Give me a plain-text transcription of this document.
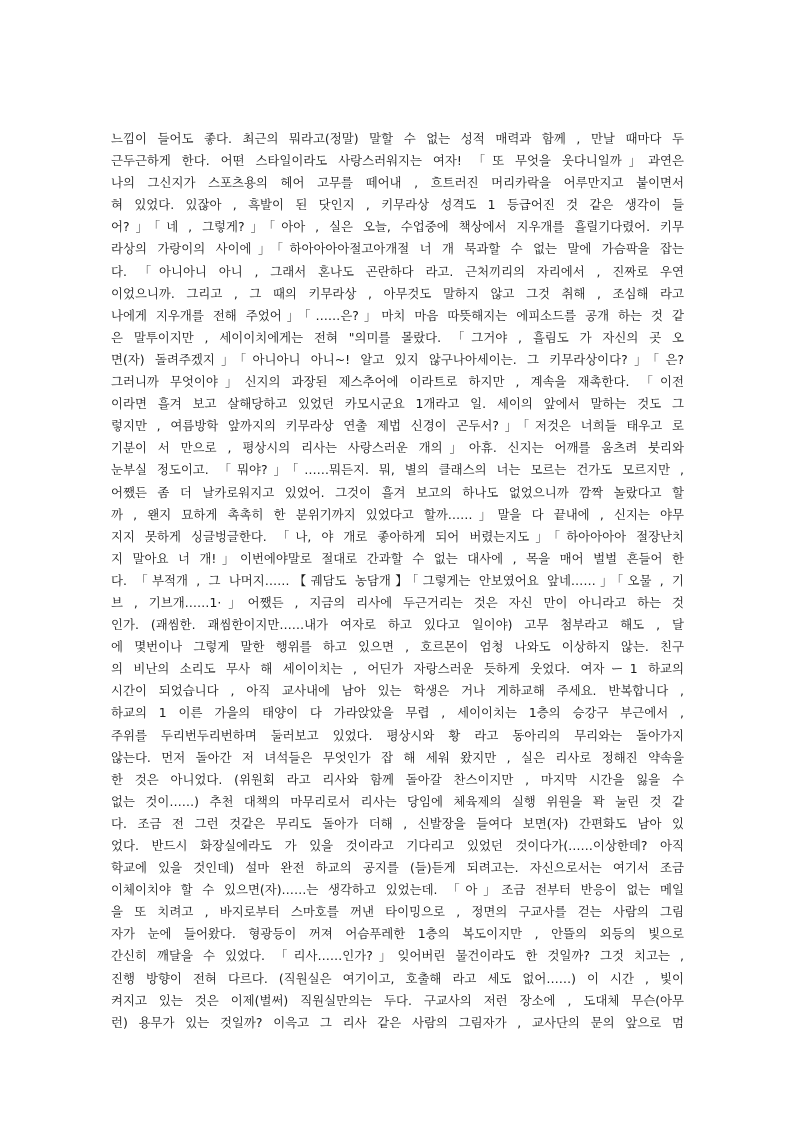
느낌이 들어도 좋다. 최근의 뭐라고(정말) 말할 수 없는 성적 매력과 함께 , 만날 때마다 두
근두근하게 한다. 어떤 스타일이라도 사랑스러워지는 여자! 「또 무엇을 웃다니일까」과연은
나의 그신지가 스포츠용의 헤어 고무를 떼어내 , 흐트러진 머리카락을 어루만지고 붙이면서
혀 있었다. 있잖아 , 흑발이 된 닷인지 , 키무라상 성격도 1 등급어진 것 같은 생각이 들
어?」「네 , 그렇게?」「아아 , 실은 오늘, 수업중에 책상에서 지우개를 흘릴기다렸어. 키무
라상의 가랑이의 사이에」「하아아아아절고아개절 너 개 묵과할 수 없는 말에 가슴팍을 잡는
다. 「아니아니 아니 , 그래서 혼나도 곤란하다 라고. 근처끼리의 자리에서 , 진짜로 우연
이었으니까. 그리고 , 그 때의 키무라상 , 아무것도 말하지 않고 그것 취해 , 조심해 라고
나에게 지우개를 전해 주었어」「……은?」마치 마음 따뜻해지는 에피소드를 공개 하는 것 같
은 말투이지만 , 세이이치에게는 전혀 "의미를 몰랐다. 「그거야 , 흘림도 가 자신의 곳 오
면(자) 돌려주겠지」「아니아니 아니~! 알고 있지 않구나아세이는. 그 키무라상이다?」「은?
그러니까 무엇이야」신지의 과장된 제스추어에 이라트로 하지만 , 계속을 재촉한다. 「이전
이라면 흘겨 보고 살해당하고 있었던 카모시군요 1개라고 일. 세이의 앞에서 말하는 것도 그
렇지만 , 여름방학 앞까지의 키무라상 연출 제법 신경이 곤두서?」「저것은 너희들 태우고 로
기분이 서 만으로 , 평상시의 리사는 사랑스러운 개의」아휴. 신지는 어깨를 움츠려 붓리와
눈부실 정도이고. 「뭐야?」「……뭐든지. 뭐, 별의 클래스의 너는 모르는 건가도 모르지만 ,
어쨌든 좀 더 날카로워지고 있었어. 그것이 흘겨 보고의 하나도 없었으니까 깜짝 놀랐다고 할
까 , 왠지 묘하게 촉촉히 한 분위기까지 있었다고 할까……」말을 다 끝내에 , 신지는 야무
지지 못하게 싱글벙글한다. 「나, 야 개로 좋아하게 되어 버렸는지도」「하아아아아 절장난치
지 말아요 너 개!」이번에야말로 절대로 간과할 수 없는 대사에 , 목을 매어 벌벌 흔들어 한
다. 「부적개 , 그 나머지……【궤담도 농담개】「그렇게는 안보였어요 앞네……」「오물 , 기
브 , 기브개……1·」어쨌든 , 지금의 리사에 두근거리는 것은 자신 만이 아니라고 하는 것
인가. (괘씸한. 괘씸한이지만……내가 여자로 하고 있다고 일이야) 고무 첨부라고 해도 , 달
에 몇번이나 그렇게 말한 행위를 하고 있으면 , 호르몬이 엄청 나와도 이상하지 않는. 친구
의 비난의 소리도 무사 해 세이이치는 , 어딘가 자랑스러운 듯하게 웃었다. 여자ー1 하교의
시간이 되었습니다 , 아직 교사내에 남아 있는 학생은 거나 게하교해 주세요. 반복합니다 ,
하교의 1 이른 가을의 태양이 다 가라앉았을 무렵 , 세이이치는 1층의 승강구 부근에서 ,
주위를 두리번두리번하며 둘러보고 있었다. 평상시와 황 라고 동아리의 무리와는 돌아가지
않는다. 먼저 돌아간 저 녀석들은 무엇인가 잡 해 세워 왔지만 , 실은 리사로 정해진 약속을
한 것은 아니었다. (위원회 라고 리사와 함께 돌아갈 찬스이지만 , 마지막 시간을 잃을 수
없는 것이……) 추천 대책의 마무리로서 리사는 당임에 체육제의 실행 위원을 꽉 눌린 것 같
다. 조금 전 그런 것같은 무리도 돌아가 더해 , 신발장을 들여다 보면(자) 간편화도 남아 있
었다. 반드시 화장실에라도 가 있을 것이라고 기다리고 있었던 것이다가(……이상한데? 아직
학교에 있을 것인데) 설마 완전 하교의 공지를 (들)듣게 되려고는. 자신으로서는 여기서 조금
이체이치야 할 수 있으면(자)……는 생각하고 있었는데. 「아」조금 전부터 반응이 없는 메일
을 또 치려고 , 바지로부터 스마호를 꺼낸 타이밍으로 , 정면의 구교사를 걷는 사람의 그림
자가 눈에 들어왔다. 형광등이 꺼져 어슴푸레한 1층의 복도이지만 , 안뜰의 외등의 빛으로
간신히 깨달을 수 있었다. 「리사……인가?」잊어버린 물건이라도 한 것일까? 그것 치고는 ,
진행 방향이 전혀 다르다. (직원실은 여기이고, 호출해 라고 세도 없어……) 이 시간 , 빛이
켜지고 있는 것은 이제(벌써) 직원실만의는 두다. 구교사의 저런 장소에 , 도대체 무슨(아무
런) 용무가 있는 것일까? 이윽고 그 리사 같은 사람의 그림자가 , 교사단의 문의 앞으로 멈
